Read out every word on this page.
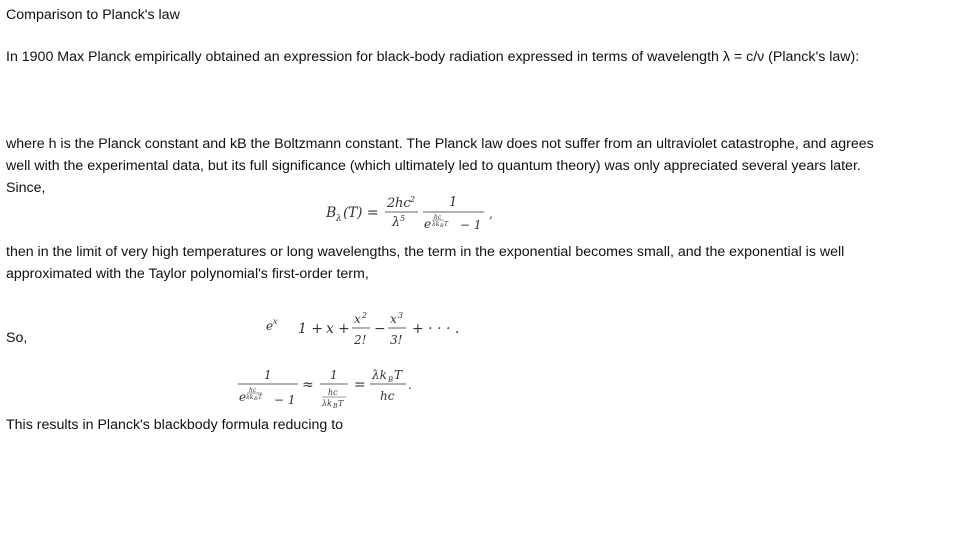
Comparison to Planck's law
In 1900 Max Planck empirically obtained an expression for black-body radiation expressed in terms of wavelength λ = c/ν (Planck's law):
where h is the Planck constant and kB the Boltzmann constant. The Planck law does not suffer from an ultraviolet catastrophe, and agrees well with the experimental data, but its full significance (which ultimately led to quantum theory) was only appreciated several years later. Since,
B λ ( T ) =
2 hc 2
λ 5
1
e hc
λk B T − 1
,
then in the limit of very high temperatures or long wavelengths, the term in the exponential becomes small, and the exponential is well approximated with the Taylor polynomial's first-order term,
So,
e x 1 + x +
x 2
2!
−
x 3
3!
+ · · · .
1
e hc
λk B T − 1
≈
1
hc
λk B T
=
λk B T
hc
.
This results in Planck's blackbody formula reducing to
